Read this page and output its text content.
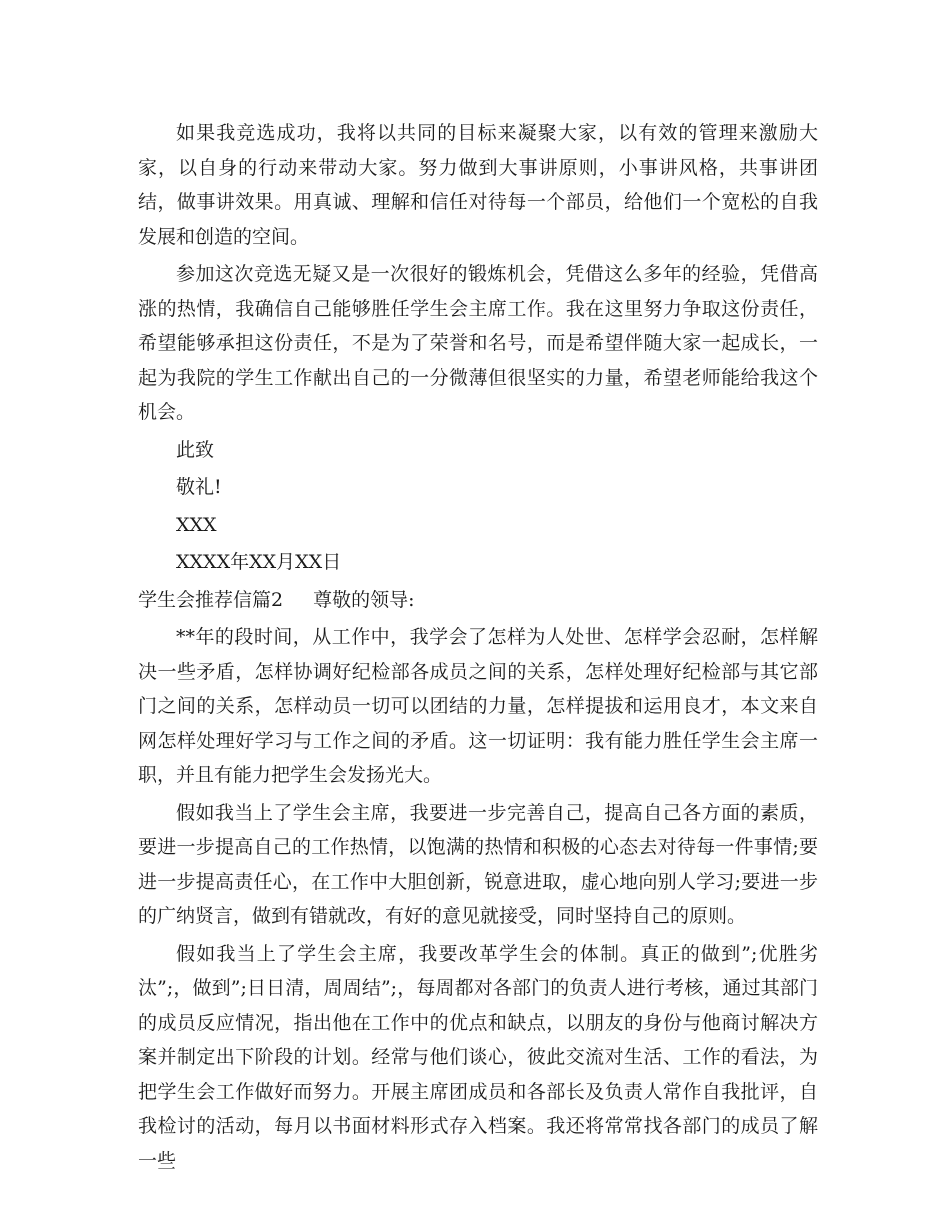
如果我竞选成功，我将以共同的目标来凝聚大家，以有效的管理来激励大家，以自身的行动来带动大家。努力做到大事讲原则，小事讲风格，共事讲团结，做事讲效果。用真诚、理解和信任对待每一个部员，给他们一个宽松的自我发展和创造的空间。

参加这次竞选无疑又是一次很好的锻炼机会，凭借这么多年的经验，凭借高涨的热情，我确信自己能够胜任学生会主席工作。我在这里努力争取这份责任，希望能够承担这份责任，不是为了荣誉和名号，而是希望伴随大家一起成长，一起为我院的学生工作献出自己的一分微薄但很坚实的力量，希望老师能给我这个机会。

此致

敬礼!

XXX

XXXX年XX月XX日

学生会推荐信篇2 尊敬的领导:

**年的段时间，从工作中，我学会了怎样为人处世、怎样学会忍耐，怎样解决一些矛盾，怎样协调好纪检部各成员之间的关系，怎样处理好纪检部与其它部门之间的关系，怎样动员一切可以团结的力量，怎样提拔和运用良才，本文来自网怎样处理好学习与工作之间的矛盾。这一切证明：我有能力胜任学生会主席一职，并且有能力把学生会发扬光大。

假如我当上了学生会主席，我要进一步完善自己，提高自己各方面的素质，要进一步提高自己的工作热情，以饱满的热情和积极的心态去对待每一件事情;要进一步提高责任心，在工作中大胆创新，锐意进取，虚心地向别人学习;要进一步的广纳贤言，做到有错就改，有好的意见就接受，同时坚持自己的原则。

假如我当上了学生会主席，我要改革学生会的体制。真正的做到”;优胜劣汰”;，做到”;日日清，周周结”;，每周都对各部门的负责人进行考核，通过其部门的成员反应情况，指出他在工作中的优点和缺点，以朋友的身份与他商讨解决方案并制定出下阶段的计划。经常与他们谈心，彼此交流对生活、工作的看法，为把学生会工作做好而努力。开展主席团成员和各部长及负责人常作自我批评，自我检讨的活动，每月以书面材料形式存入档案。我还将常常找各部门的成员了解一些
